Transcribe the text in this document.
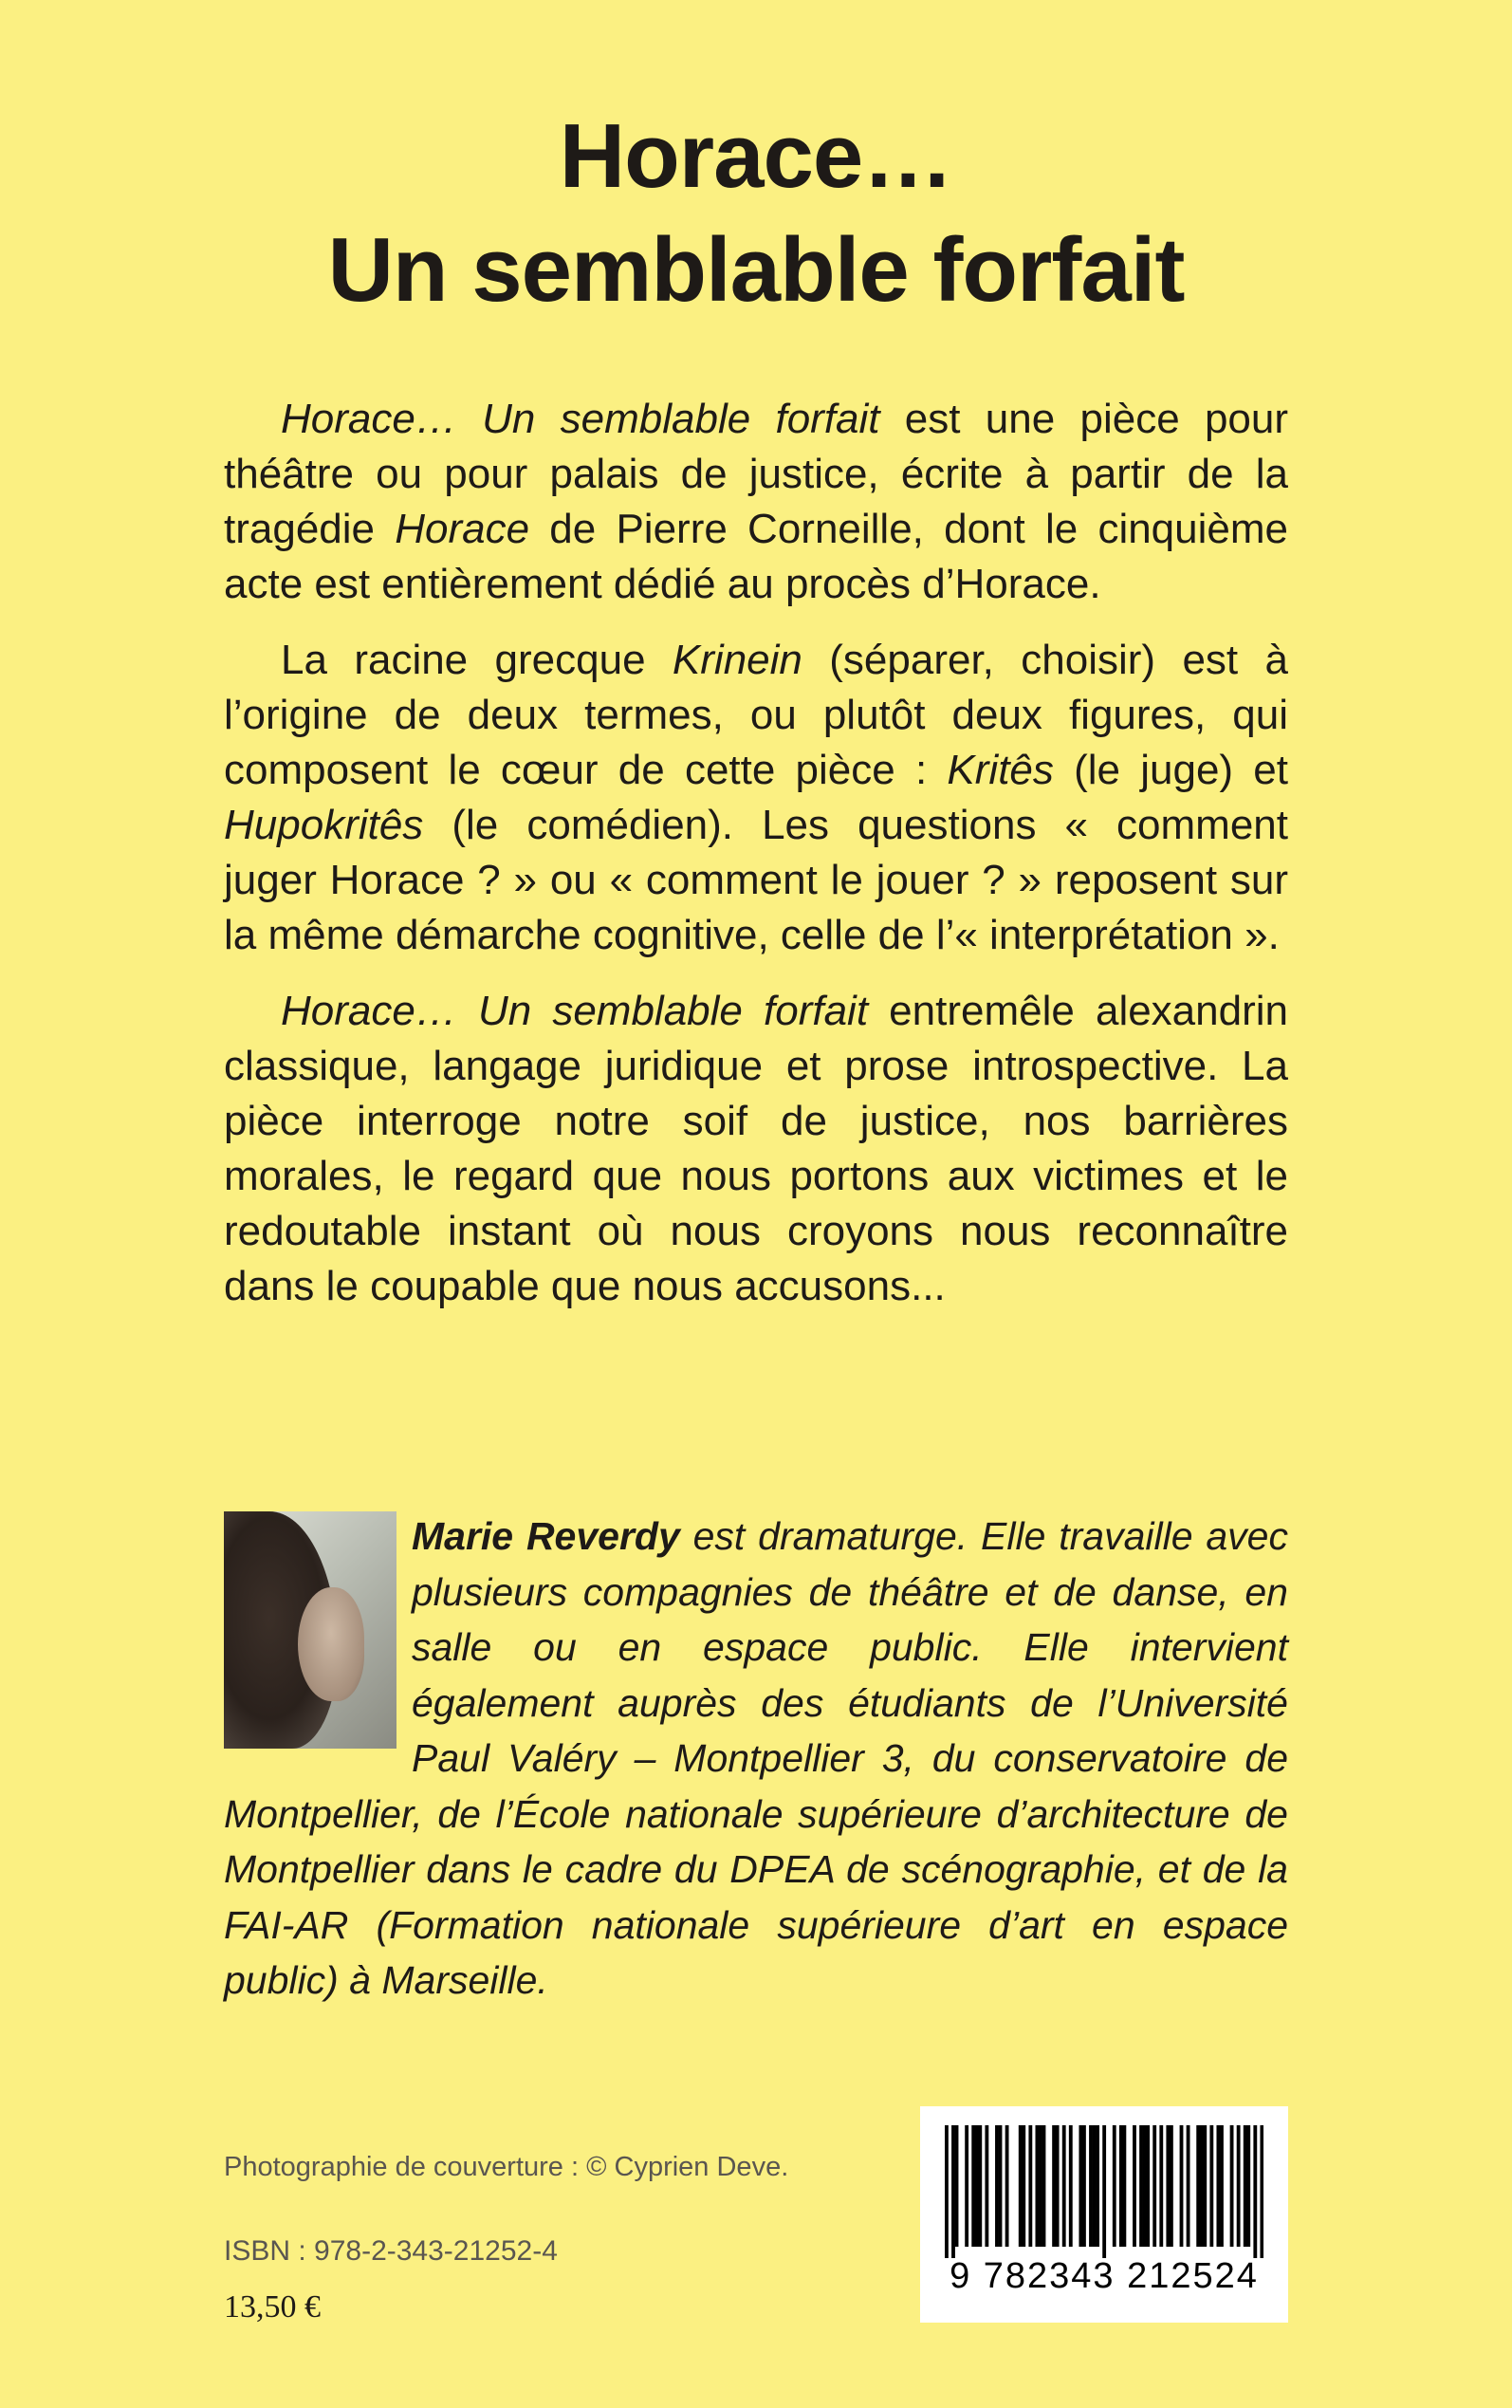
Horace…
Un semblable forfait

Horace… Un semblable forfait est une pièce pour théâtre ou pour palais de justice, écrite à partir de la tragédie Horace de Pierre Corneille, dont le cinquième acte est entièrement dédié au procès d’Horace.

La racine grecque Krinein (séparer, choisir) est à l’origine de deux termes, ou plutôt deux figures, qui composent le cœur de cette pièce : Kritês (le juge) et Hupokritês (le comédien). Les questions « comment juger Horace ? » ou « comment le jouer ? » reposent sur la même démarche cognitive, celle de l’« interprétation ».

Horace… Un semblable forfait entremêle alexandrin classique, langage juridique et prose introspective. La pièce interroge notre soif de justice, nos barrières morales, le regard que nous portons aux victimes et le redoutable instant où nous croyons nous reconnaître dans le coupable que nous accusons...

Marie Reverdy est dramaturge. Elle travaille avec plusieurs compagnies de théâtre et de danse, en salle ou en espace public. Elle intervient également auprès des étudiants de l’Université Paul Valéry – Montpellier 3, du conservatoire de Montpellier, de l’École nationale supérieure d’architecture de Montpellier dans le cadre du DPEA de scénographie, et de la FAI-AR (Formation nationale supérieure d’art en espace public) à Marseille.

Photographie de couverture : © Cyprien Deve.

ISBN : 978-2-343-21252-4

13,50 €

9 782343 212524
